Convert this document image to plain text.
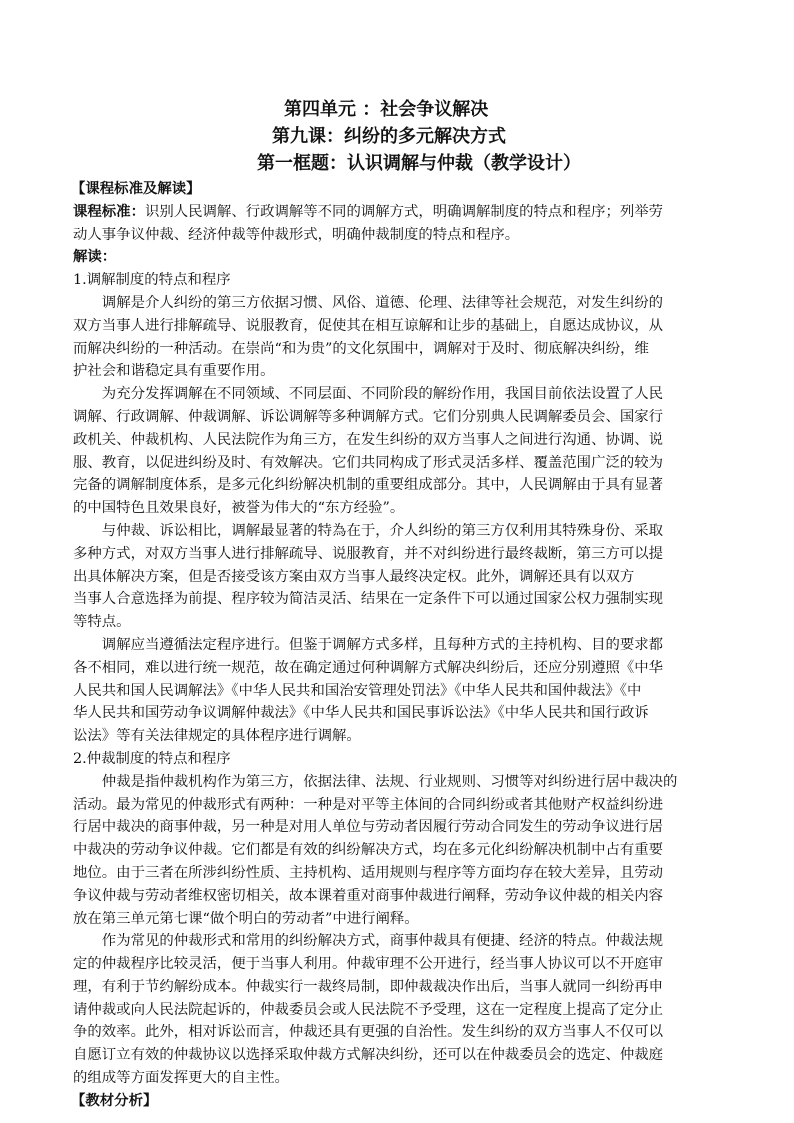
第四单元 ：社会争议解决
第九课：纠纷的多元解决方式
第一框题：认识调解与仲裁（教学设计）
【课程标准及解读】
课程标准：识别人民调解、行政调解等不同的调解方式，明确调解制度的特点和程序；列举劳
动人事争议仲裁、经济仲裁等仲裁形式，明确仲裁制度的特点和程序。
解读：
1.调解制度的特点和程序
调解是介人纠纷的第三方依据习惯、风俗、道德、伦理、法律等社会规范，对发生纠纷的
双方当事人进行排解疏导、说服教育，促使其在相互谅解和让步的基础上，自愿达成协议，从
而解决纠纷的一种活动。在崇尚“和为贵”的文化氛围中，调解对于及时、彻底解决纠纷，维
护社会和谐稳定具有重要作用。
为充分发挥调解在不同领域、不同层面、不同阶段的解纷作用，我国目前依法设置了人民
调解、行政调解、仲裁调解、诉讼调解等多种调解方式。它们分别典人民调解委员会、国家行
政机关、仲裁机构、人民法院作为角三方，在发生纠纷的双方当事人之间进行沟通、协调、说
服、教育，以促进纠纷及时、有效解决。它们共同构成了形式灵活多样、覆盖范围广泛的较为
完备的调解制度体系，是多元化纠纷解决机制的重要组成部分。其中，人民调解由于具有显著
的中国特色且效果良好，被誉为伟大的“东方经验”。
与仲裁、诉讼相比，调解最显著的特為在于，介人纠纷的第三方仅利用其特殊身份、采取
多种方式，对双方当事人进行排解疏导、说服教育，并不对纠纷进行最终裁断，第三方可以提
出具体解决方案，但是否接受该方案由双方当事人最终决定权。此外，调解还具有以双方
当事人合意选择为前提、程序较为简洁灵活、结果在一定条件下可以通过国家公权力强制实现
等特点。
调解应当遵循法定程序进行。但鉴于调解方式多样，且每种方式的主持机构、目的要求都
各不相同，难以进行统一规范，故在确定通过何种调解方式解决纠纷后，还应分别遵照《中华
人民共和国人民调解法》《中华人民共和国治安管理处罚法》《中华人民共和国仲裁法》《中
华人民共和国劳动争议调解仲裁法》《中华人民共和国民事诉讼法》《中华人民共和国行政诉
讼法》等有关法律规定的具体程序进行调解。
2.仲裁制度的特点和程序
仲裁是指仲裁机构作为第三方，依据法律、法规、行业规则、习惯等对纠纷进行居中裁决的
活动。最为常见的仲裁形式有两种：一种是对平等主体间的合同纠纷或者其他财产权益纠纷进
行居中裁决的商事仲裁，另一种是对用人单位与劳动者因履行劳动合同发生的劳动争议进行居
中裁决的劳动争议仲裁。它们都是有效的纠纷解决方式，均在多元化纠纷解决机制中占有重要
地位。由于三者在所涉纠纷性质、主持机构、适用规则与程序等方面均存在较大差异，且劳动
争议仲裁与劳动者维权密切相关，故本课着重对商事仲裁进行阐释，劳动争议仲裁的相关内容
放在第三单元第七课“做个明白的劳动者”中进行阐释。
作为常见的仲裁形式和常用的纠纷解决方式，商事仲裁具有便捷、经济的特点。仲裁法规
定的仲裁程序比较灵活，便于当事人利用。仲裁审理不公开进行，经当事人协议可以不开庭审
理，有利于节约解纷成本。仲裁实行一裁终局制，即仲裁裁决作出后，当事人就同一纠纷再申
请仲裁或向人民法院起诉的，仲裁委员会或人民法院不予受理，这在一定程度上提高了定分止
争的效率。此外，相对诉讼而言，仲裁还具有更强的自治性。发生纠纷的双方当事人不仅可以
自愿订立有效的仲裁协议以选择采取仲裁方式解决纠纷，还可以在仲裁委员会的选定、仲裁庭
的组成等方面发挥更大的自主性。
【教材分析】
